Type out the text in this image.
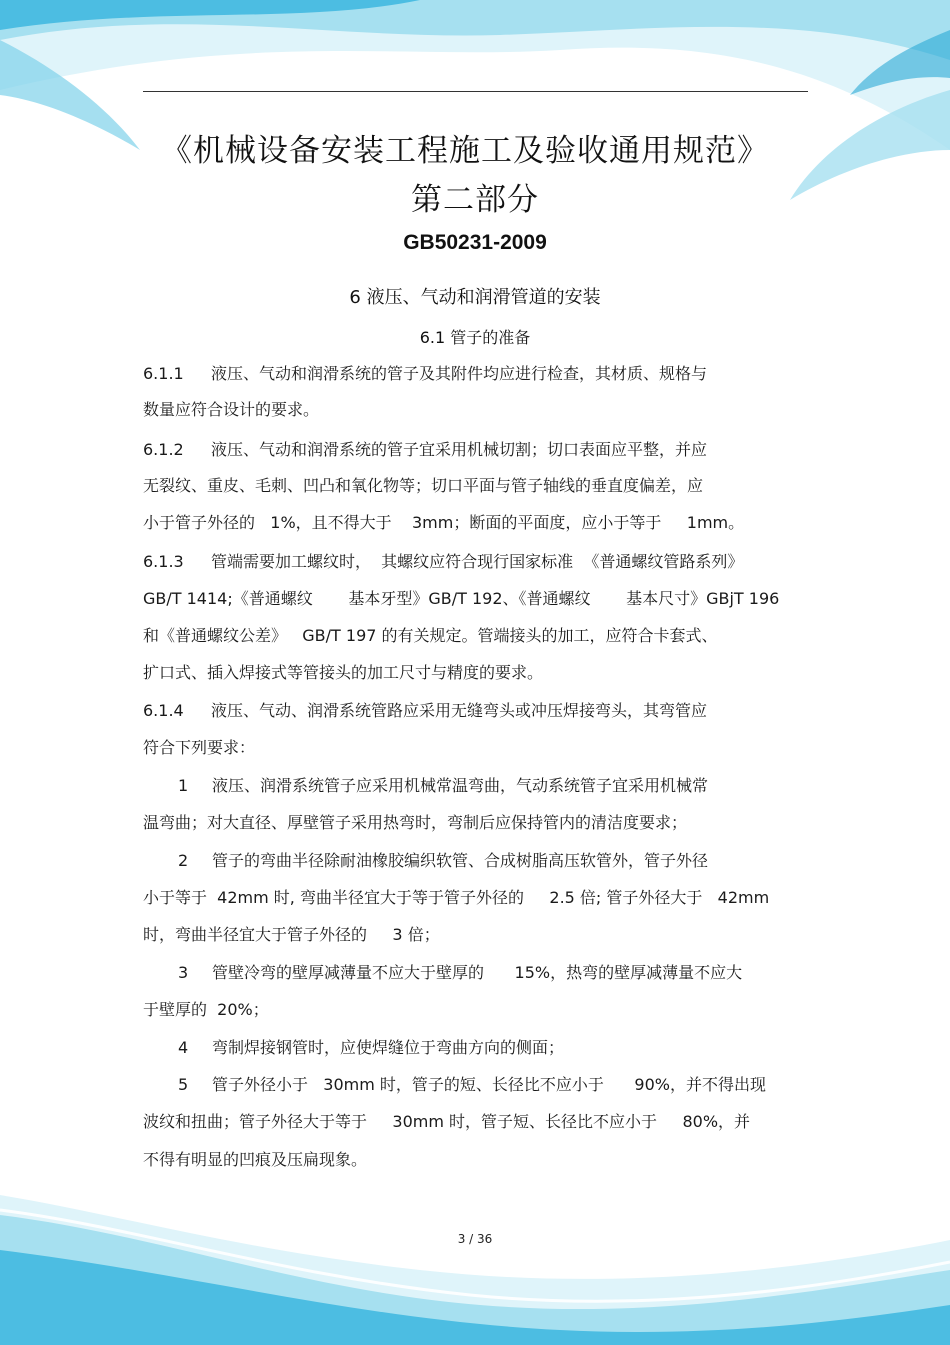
《机械设备安装工程施工及验收通用规范》
第二部分
GB50231-2009
6 液压、气动和润滑管道的安装
6.1 管子的准备
6.1.1 液压、气动和润滑系统的管子及其附件均应进行检查，其材质、规格与
数量应符合设计的要求。
6.1.2 液压、气动和润滑系统的管子宜采用机械切割；切口表面应平整，并应
无裂纹、重皮、毛刺、凹凸和氧化物等；切口平面与管子轴线的垂直度偏差，应
小于管子外径的   1%，且不得大于    3mm；断面的平面度，应小于等于     1mm。
6.1.3 管端需要加工螺纹时，  其螺纹应符合现行国家标准  《普通螺纹管路系列》
GB/T 1414;《普通螺纹       基本牙型》GB/T 192、《普通螺纹       基本尺寸》GBjT 196
和《普通螺纹公差》   GB/T 197 的有关规定。管端接头的加工，应符合卡套式、
扩口式、插入焊接式等管接头的加工尺寸与精度的要求。
6.1.4 液压、气动、润滑系统管路应采用无缝弯头或冲压焊接弯头，其弯管应
符合下列要求：
1 液压、润滑系统管子应采用机械常温弯曲，气动系统管子宜采用机械常
温弯曲；对大直径、厚壁管子采用热弯时，弯制后应保持管内的清洁度要求；
2 管子的弯曲半径除耐油橡胶编织软管、合成树脂高压软管外，管子外径
小于等于  42mm 时, 弯曲半径宜大于等于管子外径的     2.5 倍; 管子外径大于   42mm
时，弯曲半径宜大于管子外径的     3 倍；
3 管壁冷弯的壁厚减薄量不应大于壁厚的      15%，热弯的壁厚减薄量不应大
于壁厚的  20%；
4 弯制焊接钢管时，应使焊缝位于弯曲方向的侧面；
5 管子外径小于   30mm 时，管子的短、长径比不应小于      90%，并不得出现
波纹和扭曲；管子外径大于等于     30mm 时，管子短、长径比不应小于     80%，并
不得有明显的凹痕及压扁现象。
3 / 36
